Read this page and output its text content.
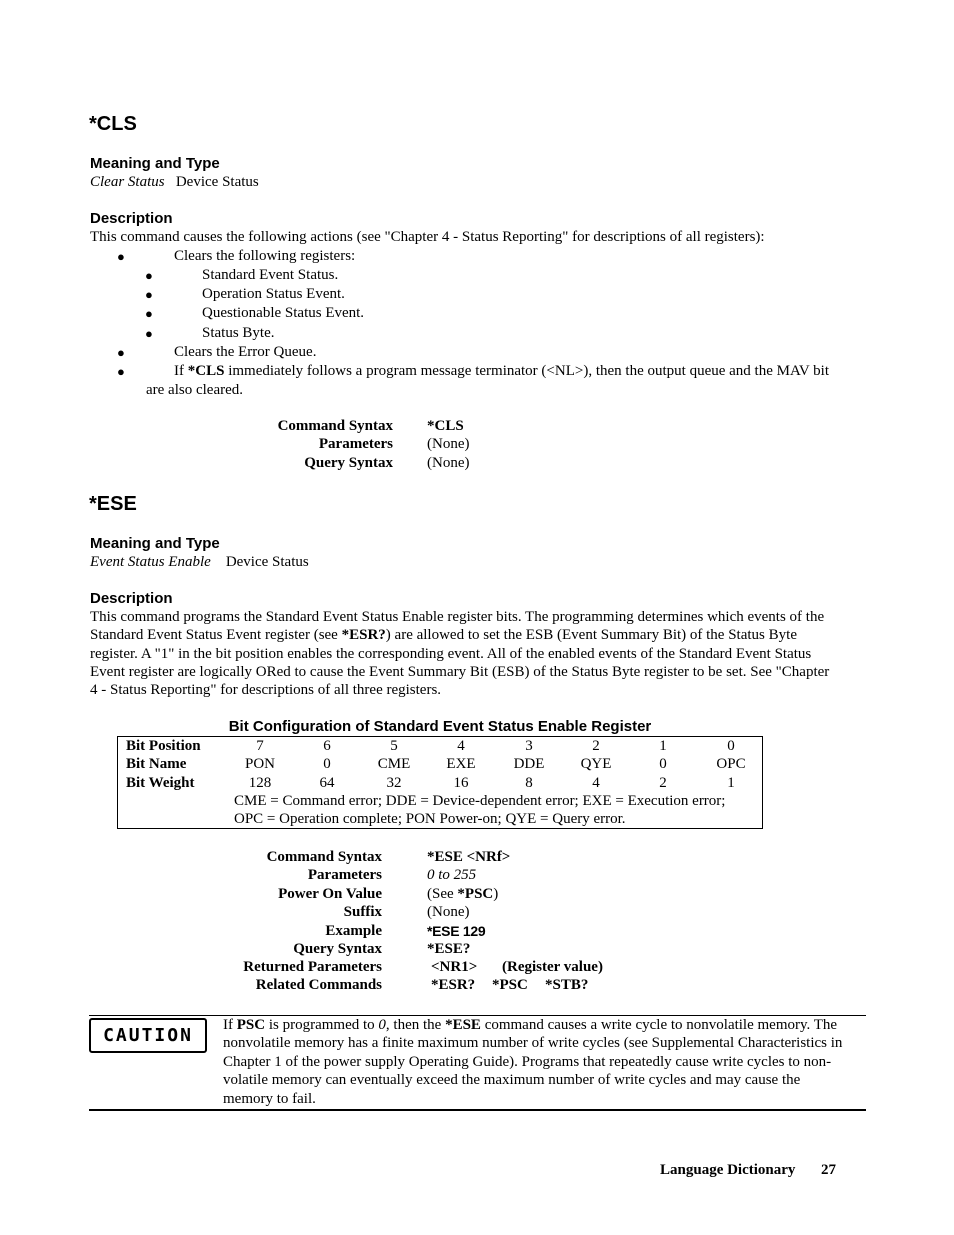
*CLS
Meaning and Type
Clear Status Device Status
Description
This command causes the following actions (see "Chapter 4 - Status Reporting" for descriptions of all registers):
●	Clears the following registers:
●	Standard Event Status.
●	Operation Status Event.
●	Questionable Status Event.
●	Status Byte.
●	Clears the Error Queue.
●	If *CLS immediately follows a program message terminator (<NL>), then the output queue and the MAV bit
are also cleared.
Command Syntax *CLS
Parameters (None)
Query Syntax (None)
*ESE
Meaning and Type
Event Status Enable Device Status
Description
This command programs the Standard Event Status Enable register bits. The programming determines which events of the
Standard Event Status Event register (see *ESR?) are allowed to set the ESB (Event Summary Bit) of the Status Byte
register. A "1" in the bit position enables the corresponding event. All of the enabled events of the Standard Event Status
Event register are logically ORed to cause the Event Summary Bit (ESB) of the Status Byte register to be set. See "Chapter
4 - Status Reporting" for descriptions of all three registers.
Bit Configuration of Standard Event Status Enable Register
Bit Position	7	6	5	4	3	2	1	0
Bit Name	PON	0	CME	EXE	DDE	QYE	0	OPC
Bit Weight	128	64	32	16	8	4	2	1
CME = Command error; DDE = Device-dependent error; EXE = Execution error;
OPC = Operation complete; PON Power-on; QYE = Query error.
Command Syntax	*ESE <NRf>
Parameters	0 to 255
Power On Value	(See *PSC)
Suffix	(None)
Example	*ESE 129
Query Syntax	*ESE?
Returned Parameters	<NR1> (Register value)
Related Commands	*ESR? *PSC *STB?
CAUTION If PSC is programmed to 0, then the *ESE command causes a write cycle to nonvolatile memory. The
nonvolatile memory has a finite maximum number of write cycles (see Supplemental Characteristics in
Chapter 1 of the power supply Operating Guide). Programs that repeatedly cause write cycles to non-
volatile memory can eventually exceed the maximum number of write cycles and may cause the
memory to fail.
Language Dictionary 27
